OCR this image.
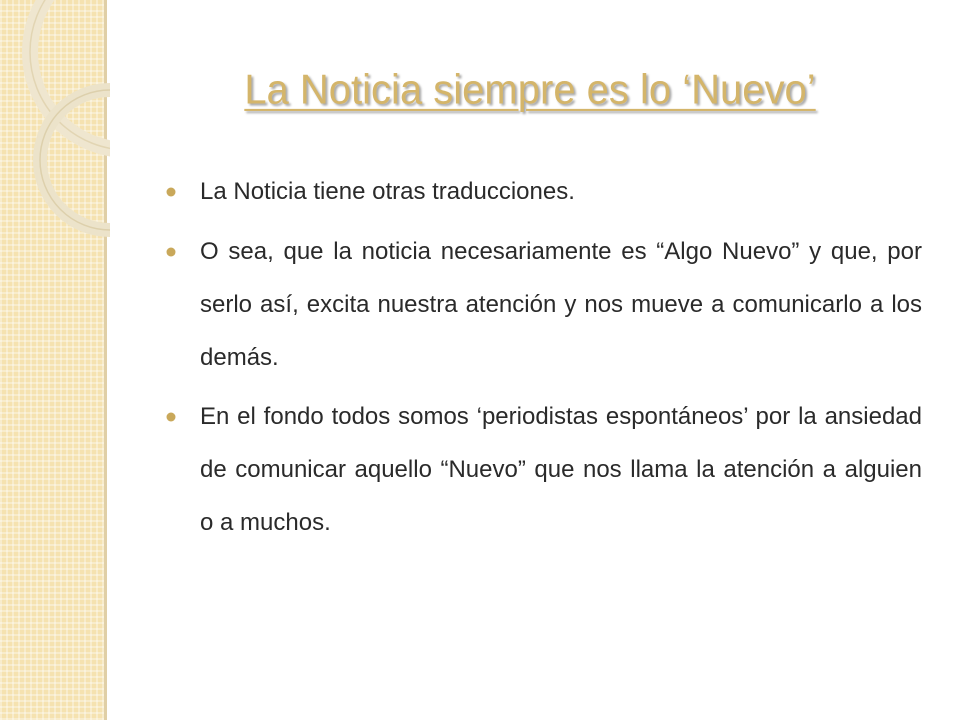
La Noticia siempre es lo ‘Nuevo’
La Noticia tiene otras traducciones.
O sea, que la noticia necesariamente es “Algo Nuevo” y que, por serlo así, excita nuestra atención y nos mueve a comunicarlo a los demás.
En el fondo todos somos ‘periodistas espontáneos’ por la ansiedad de comunicar aquello “Nuevo” que nos llama la atención a alguien o a muchos.
